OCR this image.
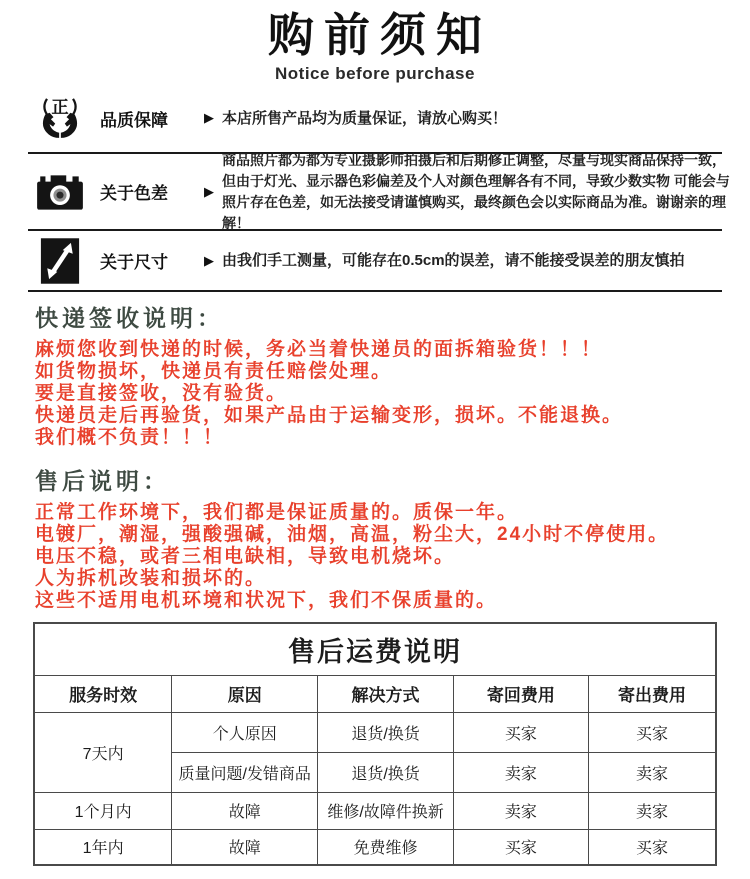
购前须知
Notice before purchase
正
品质保障	▶ 本店所售产品均为质量保证，请放心购买！
关于色差	▶
商品照片都为都为专业摄影师拍摄后和后期修正调整，尽量与现实商品保持一致，但由于灯光、显示器色彩偏差及个人对颜色理解各有不同，导致少数实物 可能会与照片存在色差，如无法接受请谨慎购买，最终颜色会以实际商品为准。谢谢亲的理解！
关于尺寸	▶ 由我们手工测量，可能存在0.5cm的误差，请不能接受误差的朋友慎拍
快递签收说明：
麻烦您收到快递的时候，务必当着快递员的面拆箱验货！！！
如货物损坏，快递员有责任赔偿处理。
要是直接签收，没有验货。
快递员走后再验货，如果产品由于运输变形，损坏。不能退换。
我们概不负责！！！
售后说明：
正常工作环境下，我们都是保证质量的。质保一年。
电镀厂，潮湿，强酸强碱，油烟，高温，粉尘大，24小时不停使用。
电压不稳，或者三相电缺相，导致电机烧坏。
人为拆机改装和损坏的。
这些不适用电机环境和状况下，我们不保质量的。
售后运费说明				
服务时效	原因	解决方式	寄回费用	寄出费用
7天内	个人原因	退货/换货	买家	买家
	质量问题/发错商品	退货/换货	卖家	卖家
1个月内	故障	维修/故障件换新	卖家	卖家
1年内	故障	免费维修	买家	买家
